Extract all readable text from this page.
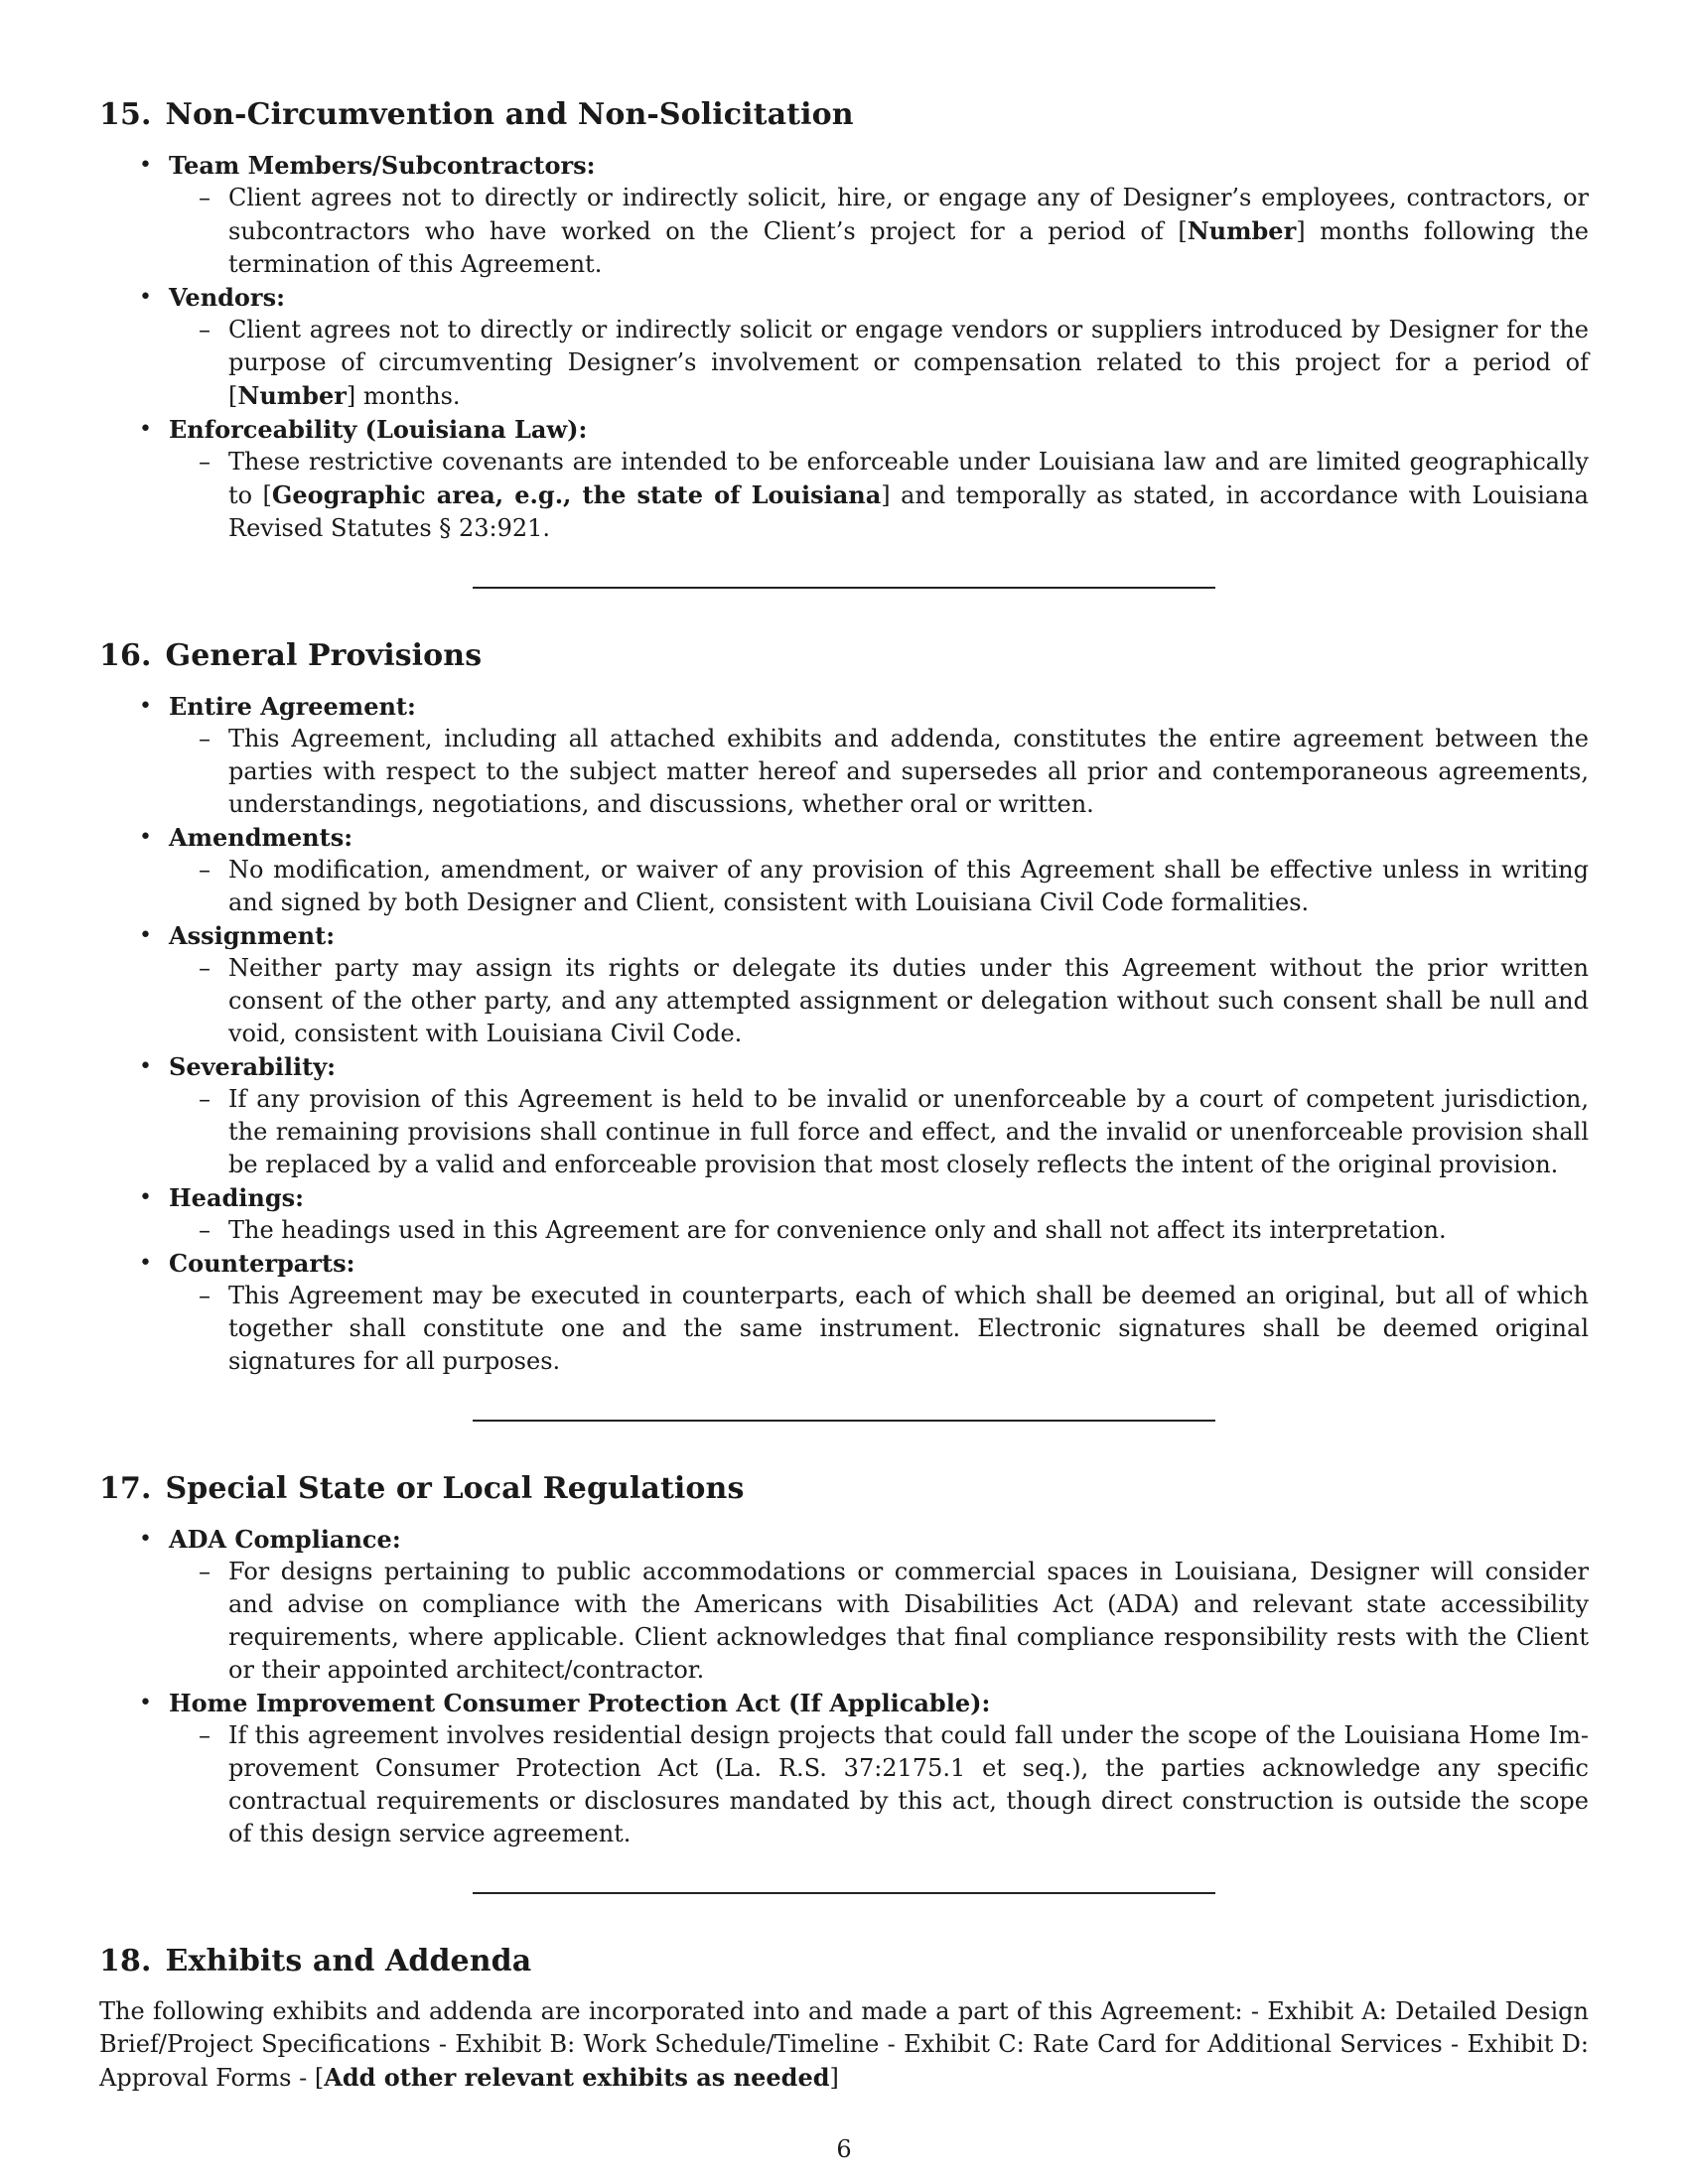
15. Non-Circumvention and Non-Solicitation
• Team Members/Subcontractors:
– Client agrees not to directly or indirectly solicit, hire, or engage any of Designer’s employees, contractors, or subcontractors who have worked on the Client’s project for a period of [Number] months following the termination of this Agreement.
• Vendors:
– Client agrees not to directly or indirectly solicit or engage vendors or suppliers introduced by Designer for the purpose of circumventing Designer’s involvement or compensation related to this project for a period of [Number] months.
• Enforceability (Louisiana Law):
– These restrictive covenants are intended to be enforceable under Louisiana law and are limited geographically to [Geographic area, e.g., the state of Louisiana] and temporally as stated, in accordance with Louisiana Revised Statutes § 23:921.
16. General Provisions
• Entire Agreement:
– This Agreement, including all attached exhibits and addenda, constitutes the entire agreement between the parties with respect to the subject matter hereof and supersedes all prior and contemporaneous agreements, understandings, negotiations, and discussions, whether oral or written.
• Amendments:
– No modification, amendment, or waiver of any provision of this Agreement shall be effective unless in writing and signed by both Designer and Client, consistent with Louisiana Civil Code formalities.
• Assignment:
– Neither party may assign its rights or delegate its duties under this Agreement without the prior written consent of the other party, and any attempted assignment or delegation without such consent shall be null and void, consistent with Louisiana Civil Code.
• Severability:
– If any provision of this Agreement is held to be invalid or unenforceable by a court of competent jurisdiction, the remaining provisions shall continue in full force and effect, and the invalid or unenforceable provision shall be replaced by a valid and enforceable provision that most closely reflects the intent of the original provision.
• Headings:
– The headings used in this Agreement are for convenience only and shall not affect its interpretation.
• Counterparts:
– This Agreement may be executed in counterparts, each of which shall be deemed an original, but all of which together shall constitute one and the same instrument. Electronic signatures shall be deemed original signatures for all purposes.
17. Special State or Local Regulations
• ADA Compliance:
– For designs pertaining to public accommodations or commercial spaces in Louisiana, Designer will consider and advise on compliance with the Americans with Disabilities Act (ADA) and relevant state accessibility requirements, where applicable. Client acknowledges that final compliance responsibility rests with the Client or their appointed architect/contractor.
• Home Improvement Consumer Protection Act (If Applicable):
– If this agreement involves residential design projects that could fall under the scope of the Louisiana Home Improvement Consumer Protection Act (La. R.S. 37:2175.1 et seq.), the parties acknowledge any specific contractual requirements or disclosures mandated by this act, though direct construction is outside the scope of this design service agreement.
18. Exhibits and Addenda

The following exhibits and addenda are incorporated into and made a part of this Agreement: - Exhibit A: Detailed Design Brief/Project Specifications - Exhibit B: Work Schedule/Timeline - Exhibit C: Rate Card for Additional Services - Exhibit D: Approval Forms - [Add other relevant exhibits as needed]

6
